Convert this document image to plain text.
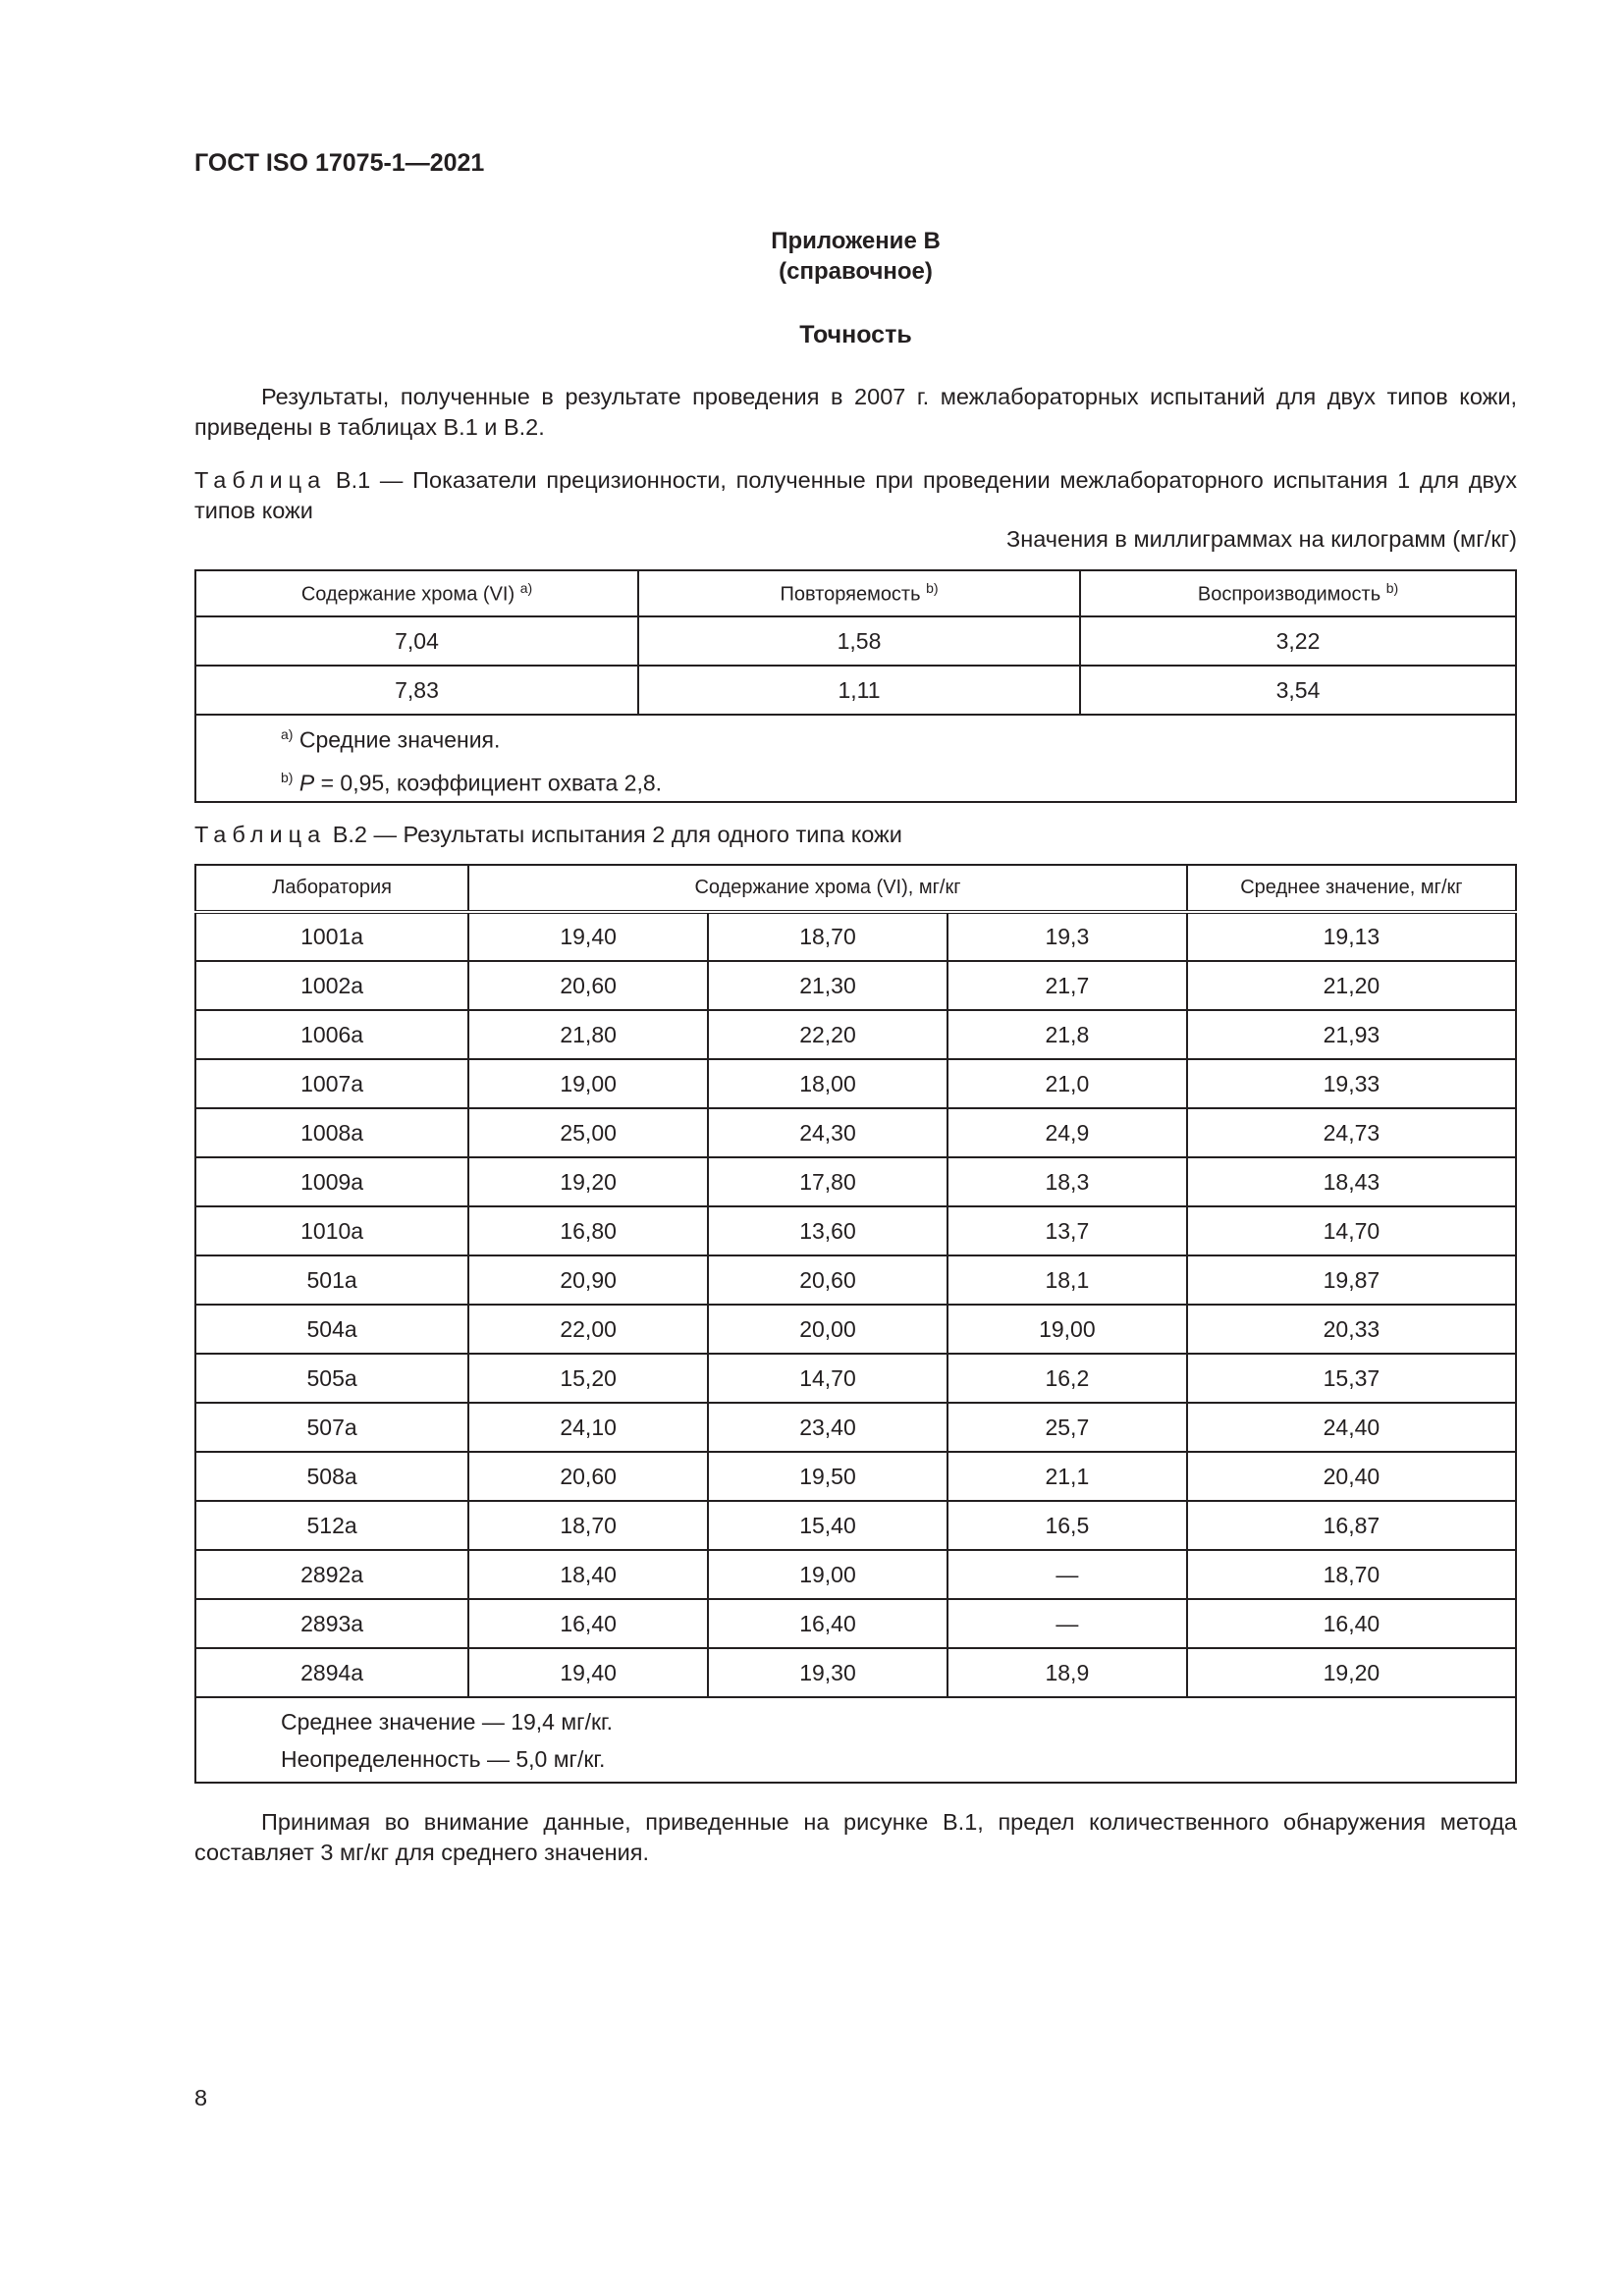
ГОСТ ISO 17075-1—2021
Приложение В
(справочное)
Точность
Результаты, полученные в результате проведения в 2007 г. межлабораторных испытаний для двух типов кожи, приведены в таблицах В.1 и В.2.
Таблица В.1 — Показатели прецизионности, полученные при проведении межлабораторного испытания 1 для двух типов кожи
Значения в миллиграммах на килограмм (мг/кг)
Содержание хрома (VI) $^{a)}$	Повторяемость $^{b)}$	Воспроизводимость $^{b)}$
7,04	1,58	3,22
7,83	1,11	3,54

$^{a)}$ Средние значения.
$^{b)}$ P = 0,95, коэффициент охвата 2,8.		
Таблица В.2 — Результаты испытания 2 для одного типа кожи
Лаборатория	Содержание хрома (VI), мг/кг			Среднее значение, мг/кг
1001a	19,40	18,70	19,3	19,13
1002a	20,60	21,30	21,7	21,20
1006a	21,80	22,20	21,8	21,93
1007a	19,00	18,00	21,0	19,33
1008a	25,00	24,30	24,9	24,73
1009a	19,20	17,80	18,3	18,43
1010a	16,80	13,60	13,7	14,70
501a	20,90	20,60	18,1	19,87
504a	22,00	20,00	19,00	20,33
505a	15,20	14,70	16,2	15,37
507a	24,10	23,40	25,7	24,40
508a	20,60	19,50	21,1	20,40
512a	18,70	15,40	16,5	16,87
2892a	18,40	19,00	—	18,70
2893a	16,40	16,40	—	16,40
2894a	19,40	19,30	18,9	19,20

Среднее значение — 19,4 мг/кг.
Неопределенность — 5,0 мг/кг.				
Принимая во внимание данные, приведенные на рисунке В.1, предел количественного обнаружения метода составляет 3 мг/кг для среднего значения.
8
